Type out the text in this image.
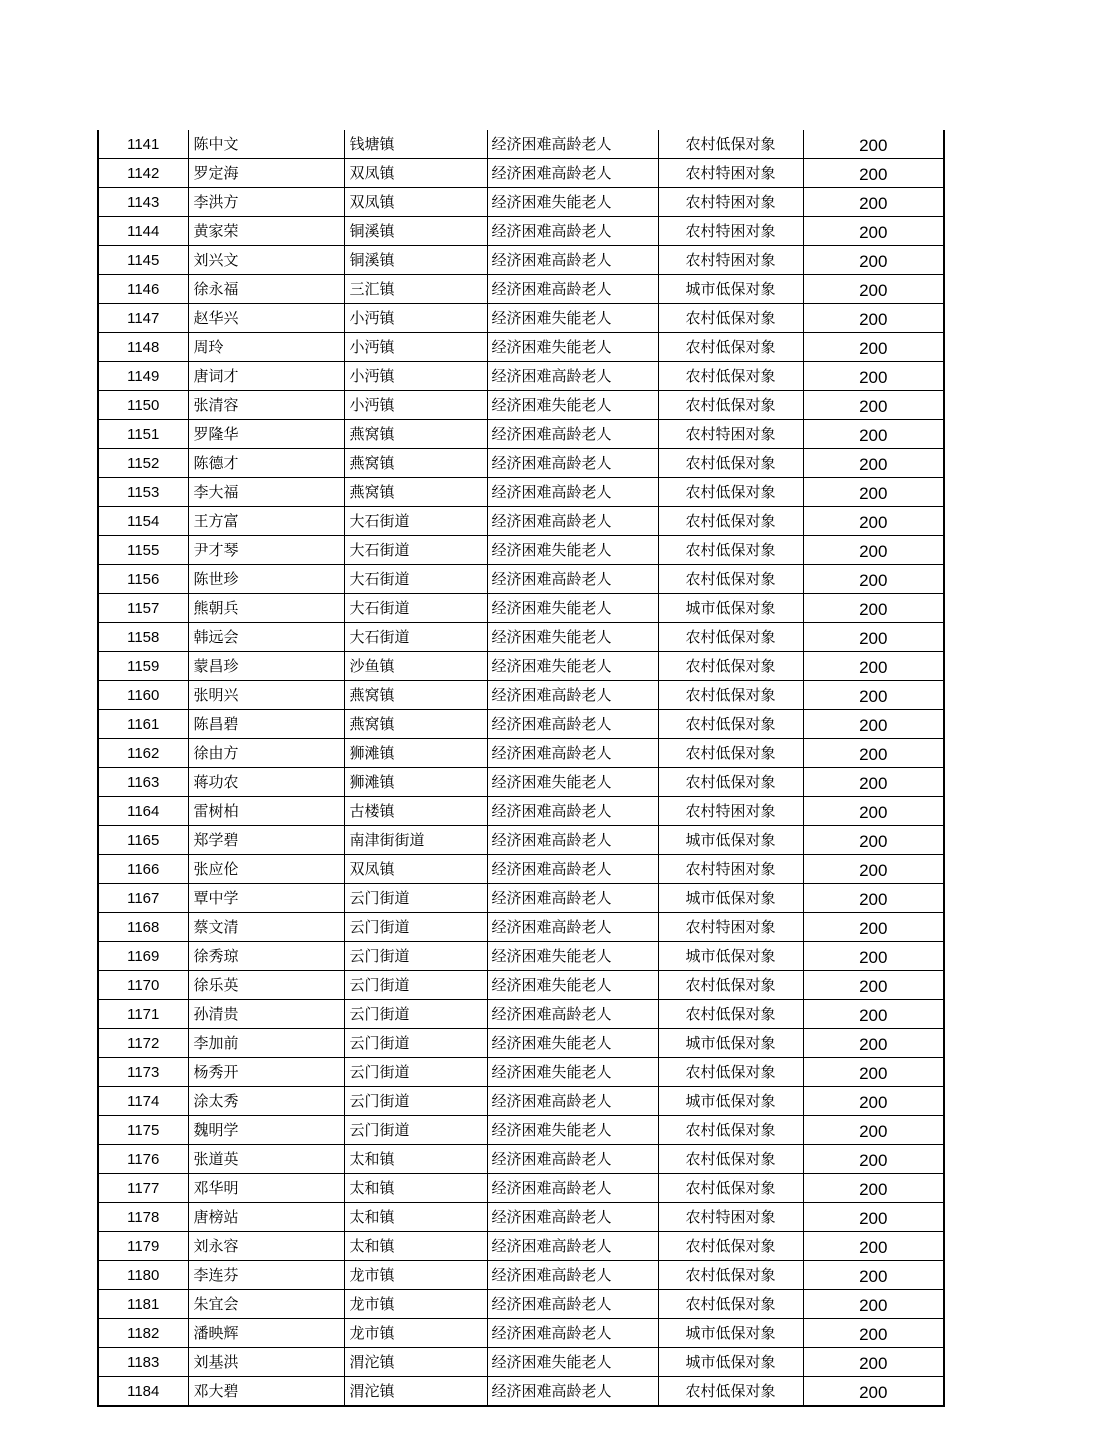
1141	陈中文	钱塘镇	经济困难高龄老人	农村低保对象	200
1142	罗定海	双凤镇	经济困难高龄老人	农村特困对象	200
1143	李洪方	双凤镇	经济困难失能老人	农村特困对象	200
1144	黄家荣	铜溪镇	经济困难高龄老人	农村特困对象	200
1145	刘兴文	铜溪镇	经济困难高龄老人	农村特困对象	200
1146	徐永福	三汇镇	经济困难高龄老人	城市低保对象	200
1147	赵华兴	小沔镇	经济困难失能老人	农村低保对象	200
1148	周玲	小沔镇	经济困难失能老人	农村低保对象	200
1149	唐词才	小沔镇	经济困难高龄老人	农村低保对象	200
1150	张清容	小沔镇	经济困难失能老人	农村低保对象	200
1151	罗隆华	燕窝镇	经济困难高龄老人	农村特困对象	200
1152	陈德才	燕窝镇	经济困难高龄老人	农村低保对象	200
1153	李大福	燕窝镇	经济困难高龄老人	农村低保对象	200
1154	王方富	大石街道	经济困难高龄老人	农村低保对象	200
1155	尹才琴	大石街道	经济困难失能老人	农村低保对象	200
1156	陈世珍	大石街道	经济困难高龄老人	农村低保对象	200
1157	熊朝兵	大石街道	经济困难失能老人	城市低保对象	200
1158	韩远会	大石街道	经济困难失能老人	农村低保对象	200
1159	蒙昌珍	沙鱼镇	经济困难失能老人	农村低保对象	200
1160	张明兴	燕窝镇	经济困难高龄老人	农村低保对象	200
1161	陈昌碧	燕窝镇	经济困难高龄老人	农村低保对象	200
1162	徐由方	狮滩镇	经济困难高龄老人	农村低保对象	200
1163	蒋功农	狮滩镇	经济困难失能老人	农村低保对象	200
1164	雷树柏	古楼镇	经济困难高龄老人	农村特困对象	200
1165	郑学碧	南津街街道	经济困难高龄老人	城市低保对象	200
1166	张应伦	双凤镇	经济困难高龄老人	农村特困对象	200
1167	覃中学	云门街道	经济困难高龄老人	城市低保对象	200
1168	蔡文清	云门街道	经济困难高龄老人	农村特困对象	200
1169	徐秀琼	云门街道	经济困难失能老人	城市低保对象	200
1170	徐乐英	云门街道	经济困难失能老人	农村低保对象	200
1171	孙清贵	云门街道	经济困难高龄老人	农村低保对象	200
1172	李加前	云门街道	经济困难失能老人	城市低保对象	200
1173	杨秀开	云门街道	经济困难失能老人	农村低保对象	200
1174	涂太秀	云门街道	经济困难高龄老人	城市低保对象	200
1175	魏明学	云门街道	经济困难失能老人	农村低保对象	200
1176	张道英	太和镇	经济困难高龄老人	农村低保对象	200
1177	邓华明	太和镇	经济困难高龄老人	农村低保对象	200
1178	唐榜站	太和镇	经济困难高龄老人	农村特困对象	200
1179	刘永容	太和镇	经济困难高龄老人	农村低保对象	200
1180	李连芬	龙市镇	经济困难高龄老人	农村低保对象	200
1181	朱宜会	龙市镇	经济困难高龄老人	农村低保对象	200
1182	潘映辉	龙市镇	经济困难高龄老人	城市低保对象	200
1183	刘基洪	渭沱镇	经济困难失能老人	城市低保对象	200
1184	邓大碧	渭沱镇	经济困难高龄老人	农村低保对象	200
